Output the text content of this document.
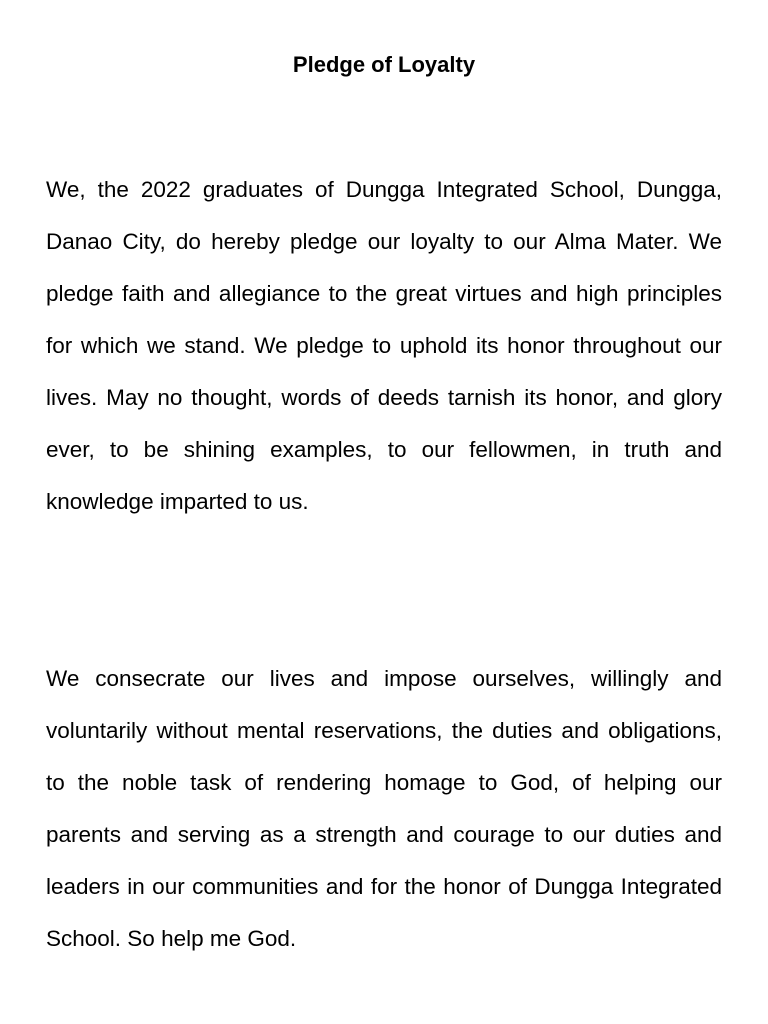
Pledge of Loyalty

We, the 2022 graduates of Dungga Integrated School, Dungga, Danao City, do hereby pledge our loyalty to our Alma Mater. We pledge faith and allegiance to the great virtues and high principles for which we stand. We pledge to uphold its honor throughout our lives. May no thought, words of deeds tarnish its honor, and glory ever, to be shining examples, to our fellowmen, in truth and knowledge imparted to us.

We consecrate our lives and impose ourselves, willingly and voluntarily without mental reservations, the duties and obligations, to the noble task of rendering homage to God, of helping our parents and serving as a strength and courage to our duties and leaders in our communities and for the honor of Dungga Integrated School. So help me God.
